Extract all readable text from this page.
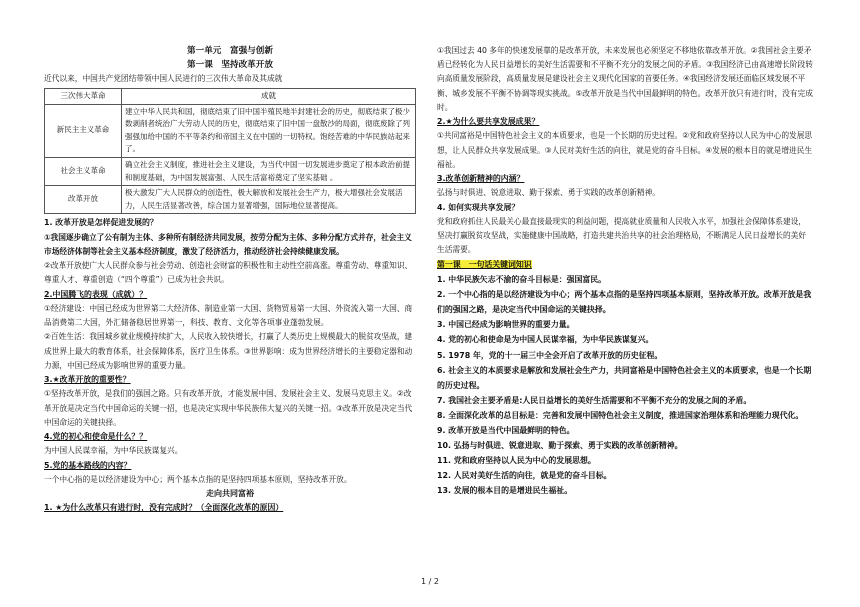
第一单元　富强与创新
第一课　坚持改革开放

近代以来，中国共产党团结带领中国人民进行的三次伟大革命及其成就

三次伟大革命	成就
新民主主义革命	建立中华人民共和国，彻底结束了旧中国半殖民地半封建社会的历史，彻底结束了极少数剥削者统治广大劳动人民的历史，彻底结束了旧中国一盘散沙的局面，彻底废除了列强强加给中国的不平等条约和帝国主义在中国的一切特权。饱经苦难的中华民族站起来了。
社会主义革命	确立社会主义制度，推进社会主义建设，为当代中国一切发展进步奠定了根本政治前提和制度基础，为中国发展富强、人民生活富裕奠定了坚实基础 。
改革开放	极大激发广大人民群众的创造性，极大解放和发展社会生产力，极大增强社会发展活力，人民生活显著改善，综合国力显著增强，国际地位显著提高。

1. 改革开放是怎样促进发展的？

①我国逐步确立了公有制为主体、多种所有制经济共同发展，按劳分配为主体、多种分配方式并存，社会主义市场经济体制等社会主义基本经济制度，激发了经济活力，推动经济社会持续健康发展。

②改革开放使广大人民群众参与社会劳动、创造社会财富的积极性和主动性空前高涨。尊重劳动、尊重知识、尊重人才、尊重创造（“四个尊重”）已成为社会共识。

2.中国腾飞的表现（成就）？

①经济建设：中国已经成为世界第二大经济体、制造业第一大国、货物贸易第一大国、外资流入第一大国、商品消费第二大国，外汇储备稳居世界第一，科技、教育、文化等各项事业蓬勃发展。

②百姓生活：我国城乡就业规模持续扩大，人民收入较快增长，打赢了人类历史上规模最大的脱贫攻坚战，建成世界上最大的教育体系，社会保障体系，医疗卫生体系。③世界影响：成为世界经济增长的主要稳定器和动力源，中国已经成为影响世界的重要力量。

3.★改革开放的重要性？

①坚持改革开放，是我们的强国之路。只有改革开放，才能发展中国、发展社会主义、发展马克思主义。②改革开放是决定当代中国命运的关键一招，也是决定实现中华民族伟大复兴的关键一招。③改革开放是决定当代中国命运的关键抉择。

4.党的初心和使命是什么？？

为中国人民谋幸福，为中华民族谋复兴。

5.党的基本路线的内容？

一个中心指的是以经济建设为中心；两个基本点指的是坚持四项基本原则，坚持改革开放。

走向共同富裕

1. ★为什么改革只有进行时，没有完成时？（全面深化改革的原因）

①我国过去 40 多年的快速发展靠的是改革开放，未来发展也必须坚定不移地依靠改革开放。②我国社会主要矛盾已经转化为人民日益增长的美好生活需要和不平衡不充分的发展之间的矛盾。③我国经济已由高速增长阶段转向高质量发展阶段，高质量发展是建设社会主义现代化国家的首要任务。④我国经济发展还面临区域发展不平衡、城乡发展不平衡不协调等现实挑战。⑤改革开放是当代中国最鲜明的特色。改革开放只有进行时，没有完成时。

2.★为什么要共享发展成果？

①共同富裕是中国特色社会主义的本质要求，也是一个长期的历史过程。②党和政府坚持以人民为中心的发展思想，让人民群众共享发展成果。③人民对美好生活的向往，就是党的奋斗目标。④发展的根本目的就是增进民生福祉。

3.改革创新精神的内涵？

弘扬与时俱进、锐意进取、勤于探索、勇于实践的改革创新精神。

4. 如何实现共享发展？

党和政府抓住人民最关心最直接最现实的利益问题，提高就业质量和人民收入水平，加强社会保障体系建设，坚决打赢脱贫攻坚战，实施健康中国战略，打造共建共治共享的社会治理格局，不断满足人民日益增长的美好生活需要。

第一课　一句话关键词知识

1. 中华民族矢志不渝的奋斗目标是：强国富民。

2. 一个中心指的是以经济建设为中心；两个基本点指的是坚持四项基本原则，坚持改革开放。改革开放是我们的强国之路，是决定当代中国命运的关键抉择。

3. 中国已经成为影响世界的重要力量。

4. 党的初心和使命是为中国人民谋幸福，为中华民族谋复兴。

5. 1978 年，党的十一届三中全会开启了改革开放的历史征程。

6. 社会主义的本质要求是解放和发展社会生产力，共同富裕是中国特色社会主义的本质要求，也是一个长期的历史过程。

7. 我国社会主要矛盾是:人民日益增长的美好生活需要和不平衡不充分的发展之间的矛盾。

8. 全面深化改革的总目标是：完善和发展中国特色社会主义制度，推进国家治理体系和治理能力现代化。

9. 改革开放是当代中国最鲜明的特色。

10. 弘扬与时俱进、锐意进取、勤于探索、勇于实践的改革创新精神。

11. 党和政府坚持以人民为中心的发展思想。

12. 人民对美好生活的向往，就是党的奋斗目标。

13. 发展的根本目的是增进民生福祉。

1 / 2
